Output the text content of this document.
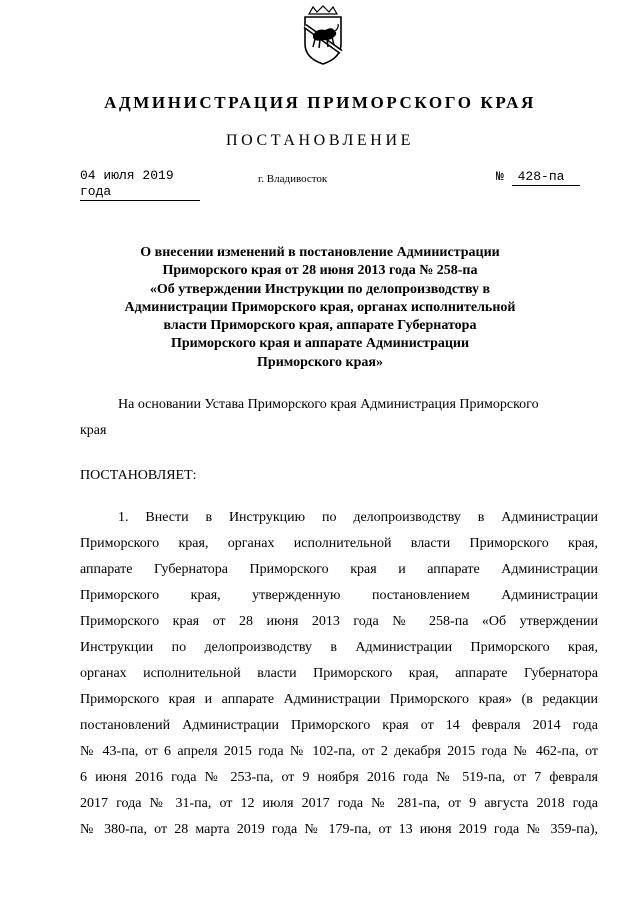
АДМИНИСТРАЦИЯ ПРИМОРСКОГО КРАЯ
ПОСТАНОВЛЕНИЕ
04 июля 2019 года
г. Владивосток	№ 428-па
О внесении изменений в постановление Администрации
Приморского края от 28 июня 2013 года № 258-па
«Об утверждении Инструкции по делопроизводству в
Администрации Приморского края, органах исполнительной
власти Приморского края, аппарате Губернатора
Приморского края и аппарате Администрации
Приморского края»
На основании Устава Приморского края Администрация Приморского
края
ПОСТАНОВЛЯЕТ:
1. Внести в Инструкцию по делопроизводству в Администрации
Приморского края, органах исполнительной власти Приморского края,
аппарате Губернатора Приморского края и аппарате Администрации
Приморского края, утвержденную постановлением Администрации
Приморского края от 28 июня 2013 года № 258-па «Об утверждении
Инструкции по делопроизводству в Администрации Приморского края,
органах исполнительной власти Приморского края, аппарате Губернатора
Приморского края и аппарате Администрации Приморского края» (в редакции
постановлений Администрации Приморского края от 14 февраля 2014 года
№ 43-па, от 6 апреля 2015 года № 102-па, от 2 декабря 2015 года № 462-па, от
6 июня 2016 года № 253-па, от 9 ноября 2016 года № 519-па, от 7 февраля
2017 года № 31-па, от 12 июля 2017 года № 281-па, от 9 августа 2018 года
№ 380-па, от 28 марта 2019 года № 179-па, от 13 июня 2019 года № 359-па),
